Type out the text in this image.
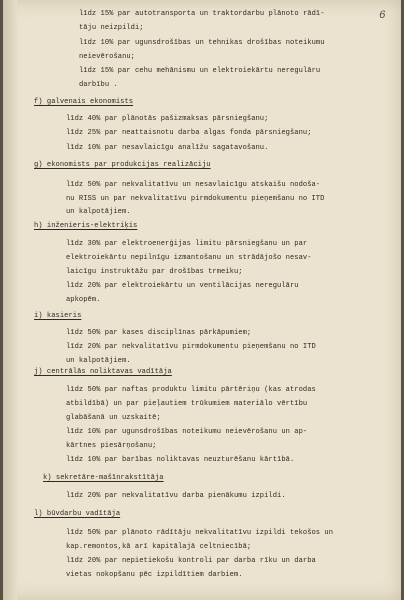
6
līdz 15% par autotransporta un traktordarbu plānoto rādī-
tāju neizpildi;
līdz 10% par ugunsdrošības un tehnikas drošības noteikumu
neievērošanu;
līdz 15% par cehu mehānismu un elektroiekārtu neregulāru
darbību .
f) galvenais ekonomists
līdz 40% par plānotās pašizmaksas pārsniegšanu;
līdz 25% par neattaisnotu darba algas fonda pārsniegšanu;
līdz 10% par nesavlaicīgu analīžu sagatavošanu.
g) ekonomists par produkcijas realizāciju
līdz 50% par nekvalitatīvu un nesavlaicīgu atskaišu nodoša-
nu RISS un par nekvalitatīvu pirmdokumentu pieņemšanu no ITD
un kalpotājiem.
h) inženieris-elektriķis
līdz 30% par elektroenerģijas limitu pārsniegšanu un par
elektroiekārtu nepilnīgu izmantošanu un strādājošo nesav-
laicīgu instruktāžu par drošības trmeiku;
līdz 20% par elektroiekārtu un ventilācijas neregulāru
apkopēm.
i) kasieris
līdz 50% par kases disciplīnas pārkāpumiem;
līdz 20% par nekvalitatīvu pirmdokumentu pieņemšanu no ITD
un kalpotājiem.
j) centrālās noliktavas vadītāja
līdz 50% par naftas produktu limitu pārtēriņu (kas atrodas
atbildībā) un par pieļautiem trūkumiem materiālo vērtību
glabāšanā un uzskaitē;
līdz 10% par ugunsdrošības noteikumu neievērošanu un ap-
kārtnes piesārņošanu;
līdz 10% par barības noliktavas neuzturēšanu kārtībā.
k) sekretāre-mašīnrakstītāja
līdz 20% par nekvalitatīvu darba pienākumu izpildi.
l) būvdarbu vadītāja
līdz 50% par plānoto rādītāju nekvalitatīvu izpildi tekošos un
kap.remontos,kā arī kapitālajā celtniecībā;
līdz 20% par nepietiekošu kontroli par darba rīku un darba
vietas nokopšanu pēc izpildītiem darbiem.
